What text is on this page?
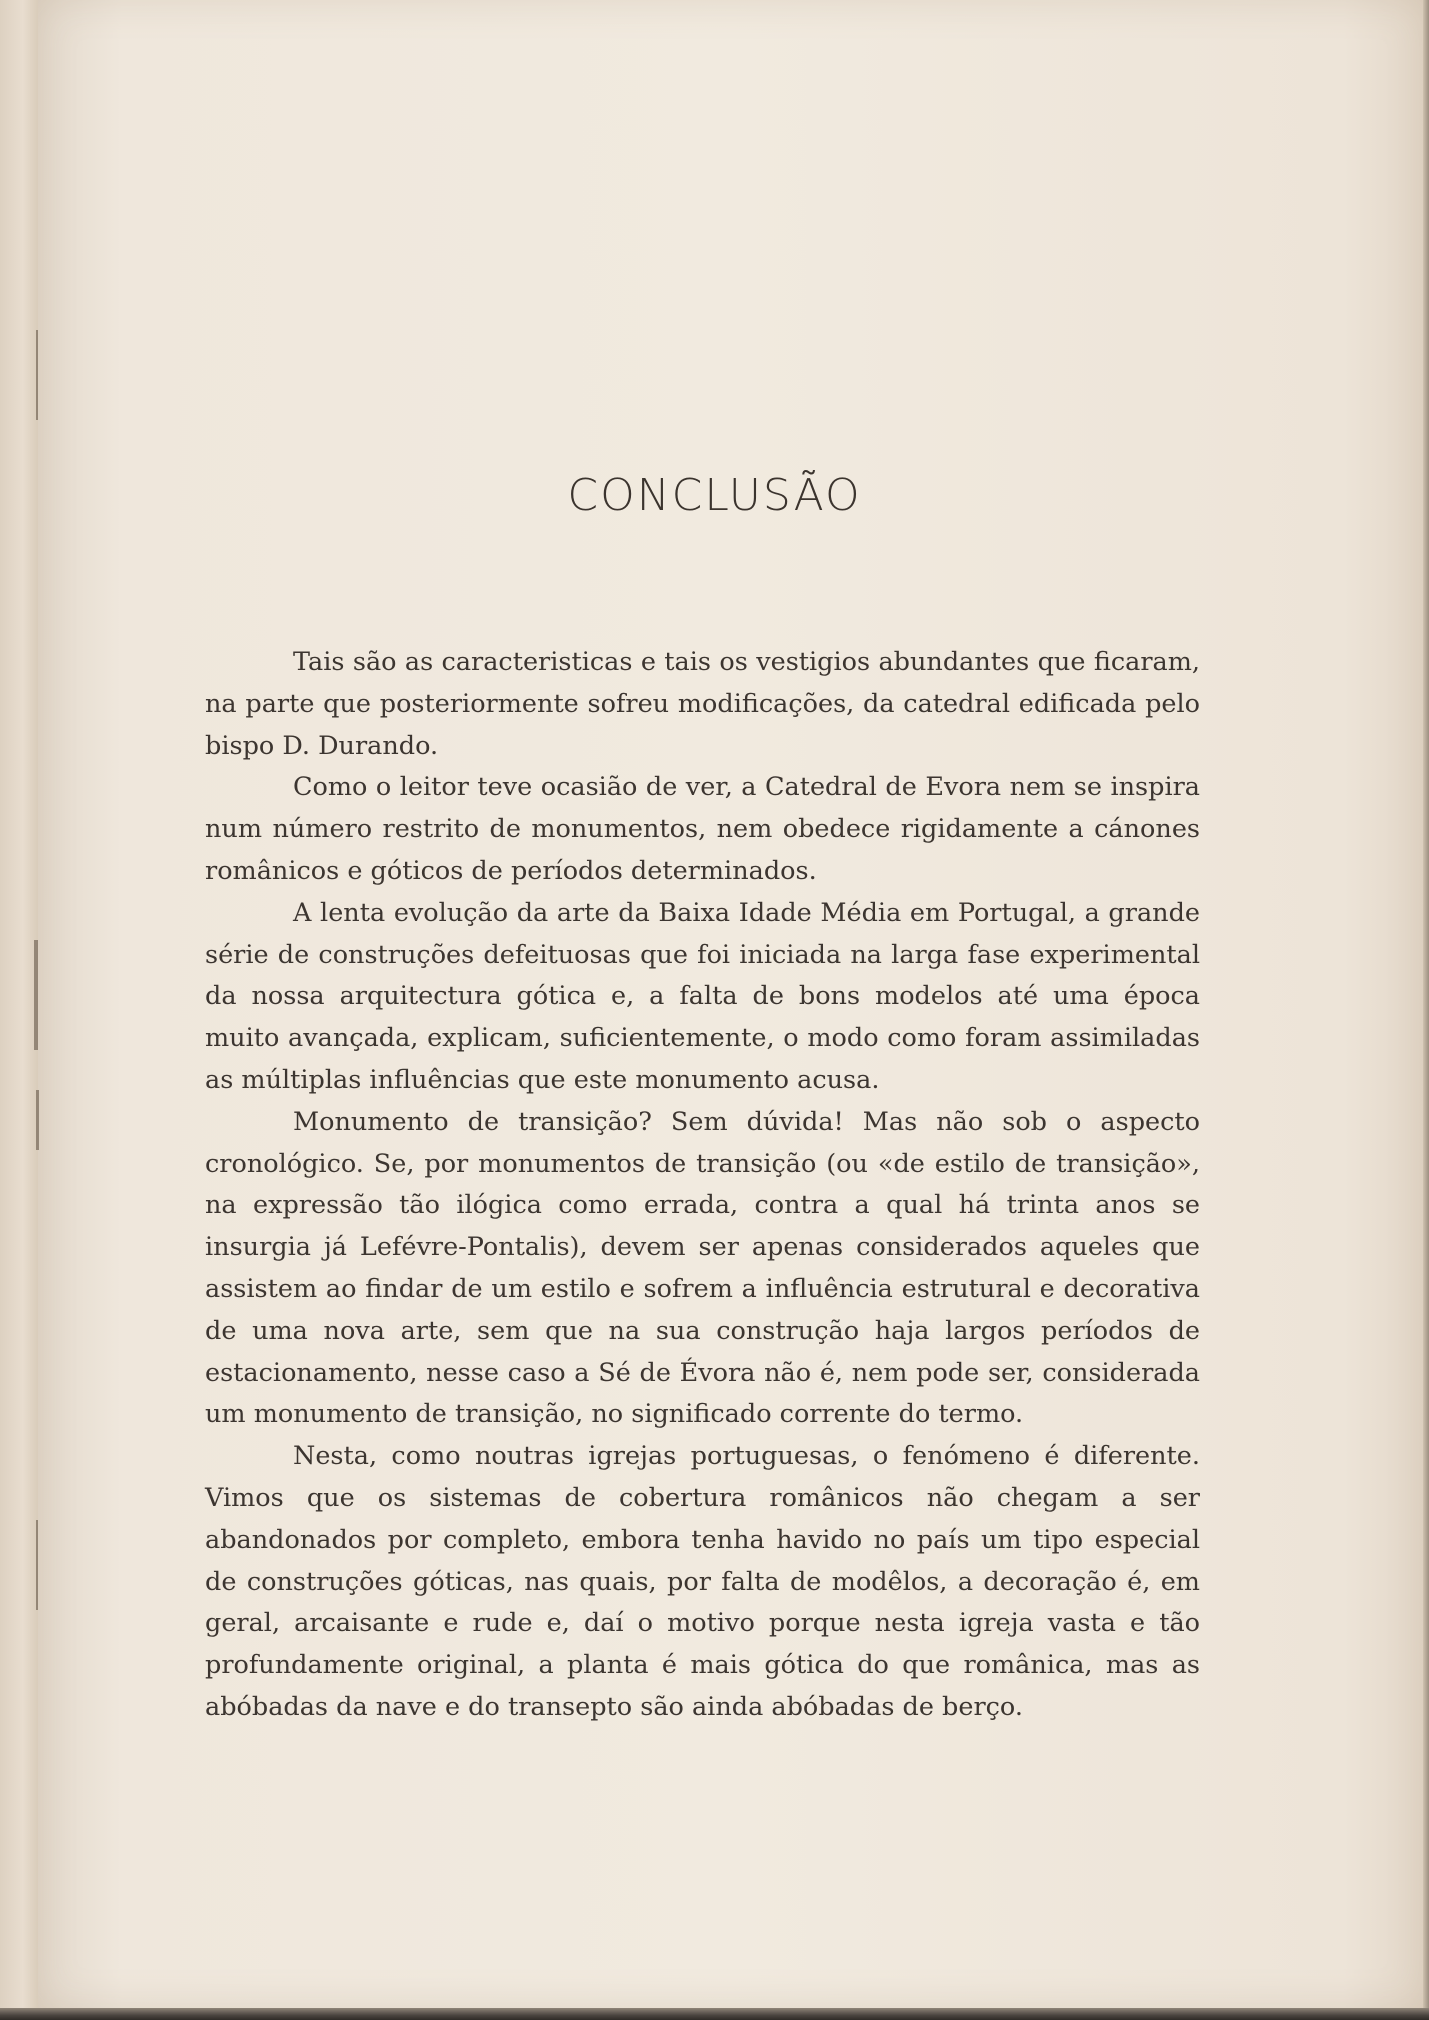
CONCLUSÃO

Tais são as caracteristicas e tais os vestigios abundantes que ficaram, na parte que posteriormente sofreu modificações, da catedral edificada pelo bispo D. Durando.

Como o leitor teve ocasião de ver, a Catedral de Evora nem se inspira num número restrito de monumentos, nem obedece rigidamente a cánones românicos e góticos de períodos determinados.

A lenta evolução da arte da Baixa Idade Média em Portugal, a grande série de construções defeituosas que foi iniciada na larga fase experimental da nossa arquitectura gótica e, a falta de bons modelos até uma época muito avançada, explicam, suficientemente, o modo como foram assimiladas as múltiplas influências que este monumento acusa.

Monumento de transição? Sem dúvida! Mas não sob o aspecto cronológico. Se, por monumentos de transição (ou «de estilo de transição», na expressão tão ilógica como errada, contra a qual há trinta anos se insurgia já Lefévre-Pontalis), devem ser apenas considerados aqueles que assistem ao findar de um estilo e sofrem a influência estrutural e decorativa de uma nova arte, sem que na sua construção haja largos períodos de estacionamento, nesse caso a Sé de Évora não é, nem pode ser, considerada um monumento de transição, no significado corrente do termo.

Nesta, como noutras igrejas portuguesas, o fenómeno é diferente. Vimos que os sistemas de cobertura românicos não chegam a ser abandonados por completo, embora tenha havido no país um tipo especial de construções góticas, nas quais, por falta de modêlos, a decoração é, em geral, arcaisante e rude e, daí o motivo porque nesta igreja vasta e tão profundamente original, a planta é mais gótica do que românica, mas as abóbadas da nave e do transepto são ainda abóbadas de berço.
